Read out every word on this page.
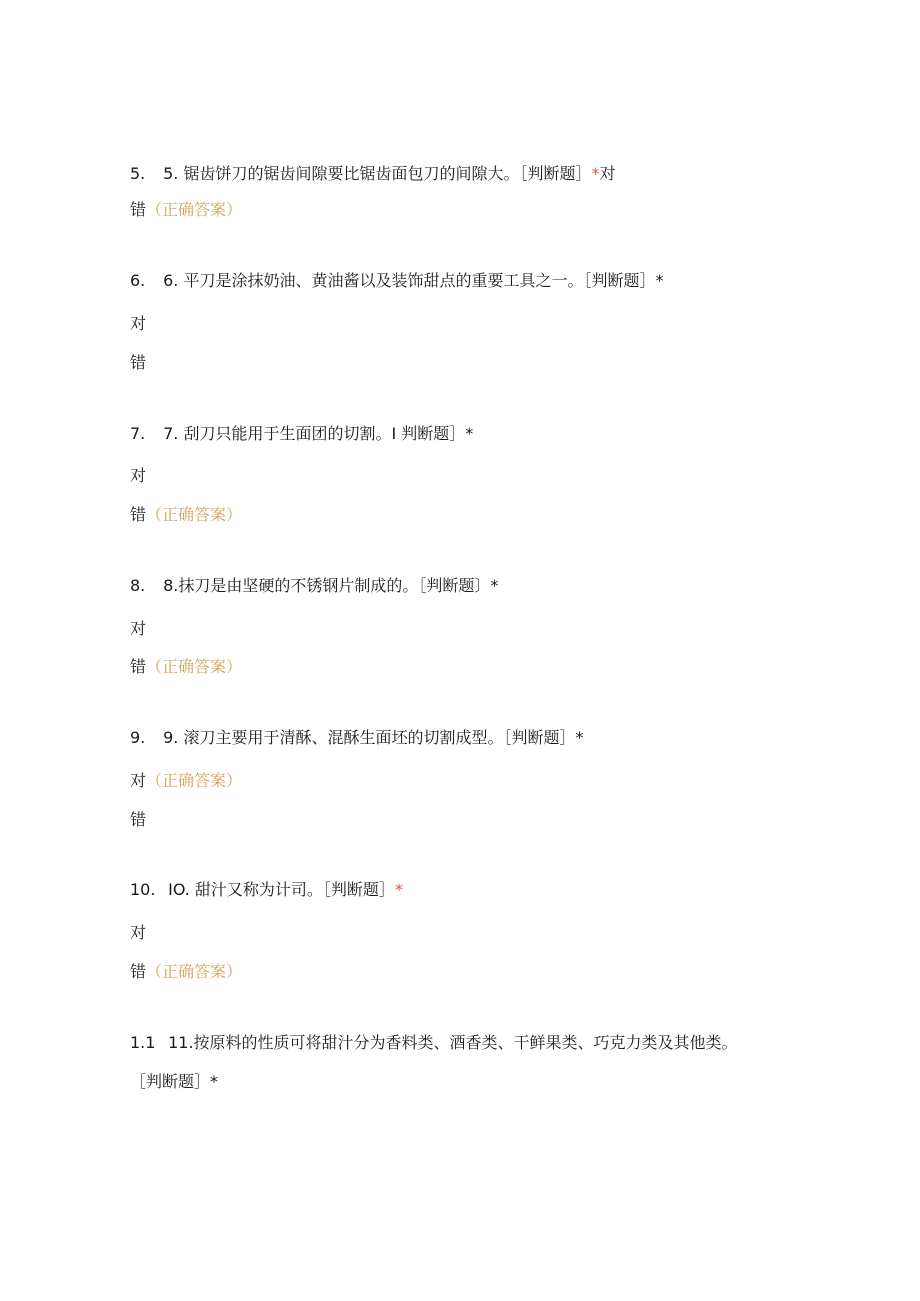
5. 5. 锯齿饼刀的锯齿间隙要比锯齿面包刀的间隙大。［判断题］*对
错（正确答案）
6. 6. 平刀是涂抹奶油、黄油酱以及装饰甜点的重要工具之一。［判断题］*
对
错
7. 7. 刮刀只能用于生面团的切割。I 判断题］*
对
错（正确答案）
8. 8.抹刀是由坚硬的不锈钢片制成的。［判断题〕*
对
错（正确答案）
9. 9. 滚刀主要用于清酥、混酥生面坯的切割成型。［判断题］*
对（正确答案）
错
10. IO. 甜汁又称为计司。［判断题］*
对
错（正确答案）
1.1 11.按原料的性质可将甜汁分为香料类、酒香类、干鲜果类、巧克力类及其他类。
［判断题］*
